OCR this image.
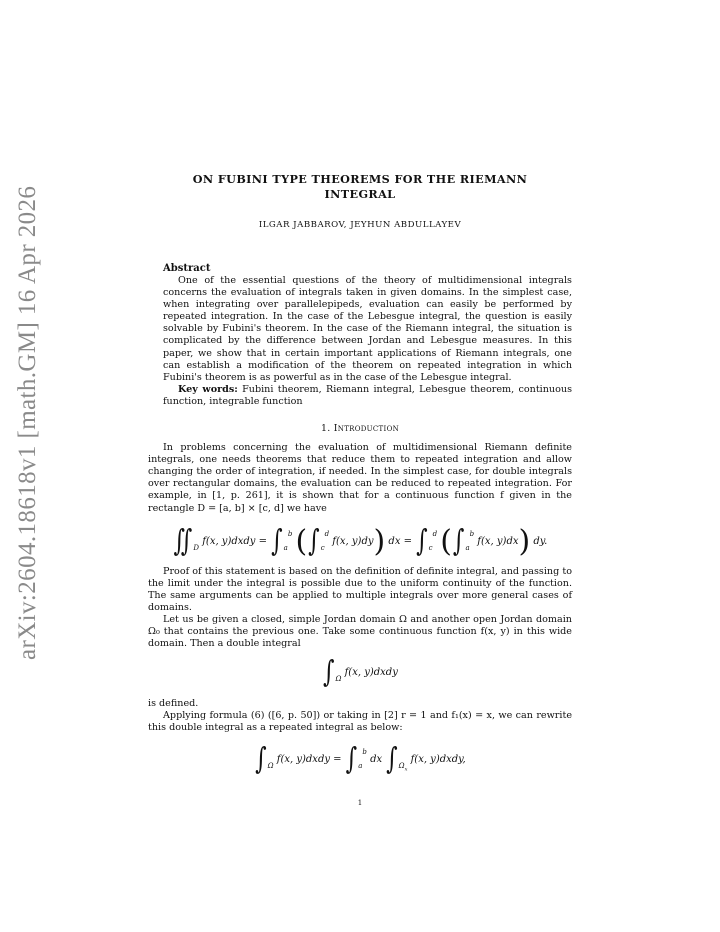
arXiv:2604.18618v1 [math.GM] 16 Apr 2026
ON FUBINI TYPE THEOREMS FOR THE RIEMANN
INTEGRAL
ILGAR JABBAROV, JEYHUN ABDULLAYEV
Abstract
One of the essential questions of the theory of multidimensional integrals concerns the evaluation of integrals taken in given domains. In the simplest case, when integrating over parallelepipeds, evaluation can easily be performed by repeated integration. In the case of the Lebesgue integral, the question is easily solvable by Fubini's theorem. In the case of the Riemann integral, the situation is complicated by the difference between Jordan and Lebesgue measures. In this paper, we show that in certain important applications of Riemann integrals, one can establish a modification of the theorem on repeated integration in which Fubini's theorem is as powerful as in the case of the Lebesgue integral.
Key words: Fubini theorem, Riemann integral, Lebesgue theorem, continuous function, integrable function
1. Introduction

In problems concerning the evaluation of multidimensional Riemann definite integrals, one needs theorems that reduce them to repeated integration and allow changing the order of integration, if needed. In the simplest case, for double integrals over rectangular domains, the evaluation can be reduced to repeated integration. For example, in [1, p. 261], it is shown that for a continuous function f given in the rectangle D = [a, b] × [c, d] we have

$∬_D$ f(x, y)dxdy = $\int_a^b$ ($\int_c^d$ f(x, y)dy) dx = $\int_c^d$ ($\int_a^b$ f(x, y)dx) dy.

Proof of this statement is based on the definition of definite integral, and passing to the limit under the integral is possible due to the uniform continuity of the function. The same arguments can be applied to multiple integrals over more general cases of domains.

Let us be given a closed, simple Jordan domain Ω and another open Jordan domain Ω₀ that contains the previous one. Take some continuous function f(x, y) in this wide domain. Then a double integral

$\int_\Omega$ f(x, y)dxdy

is defined.

Applying formula (6) ([6, p. 50]) or taking in [2] r = 1 and f₁(x) = x, we can rewrite this double integral as a repeated integral as below:

$\int_\Omega$ f(x, y)dxdy = $\int_a^b$ dx $\int_{\Omega_x}$ f(x, y)dxdy,
1
